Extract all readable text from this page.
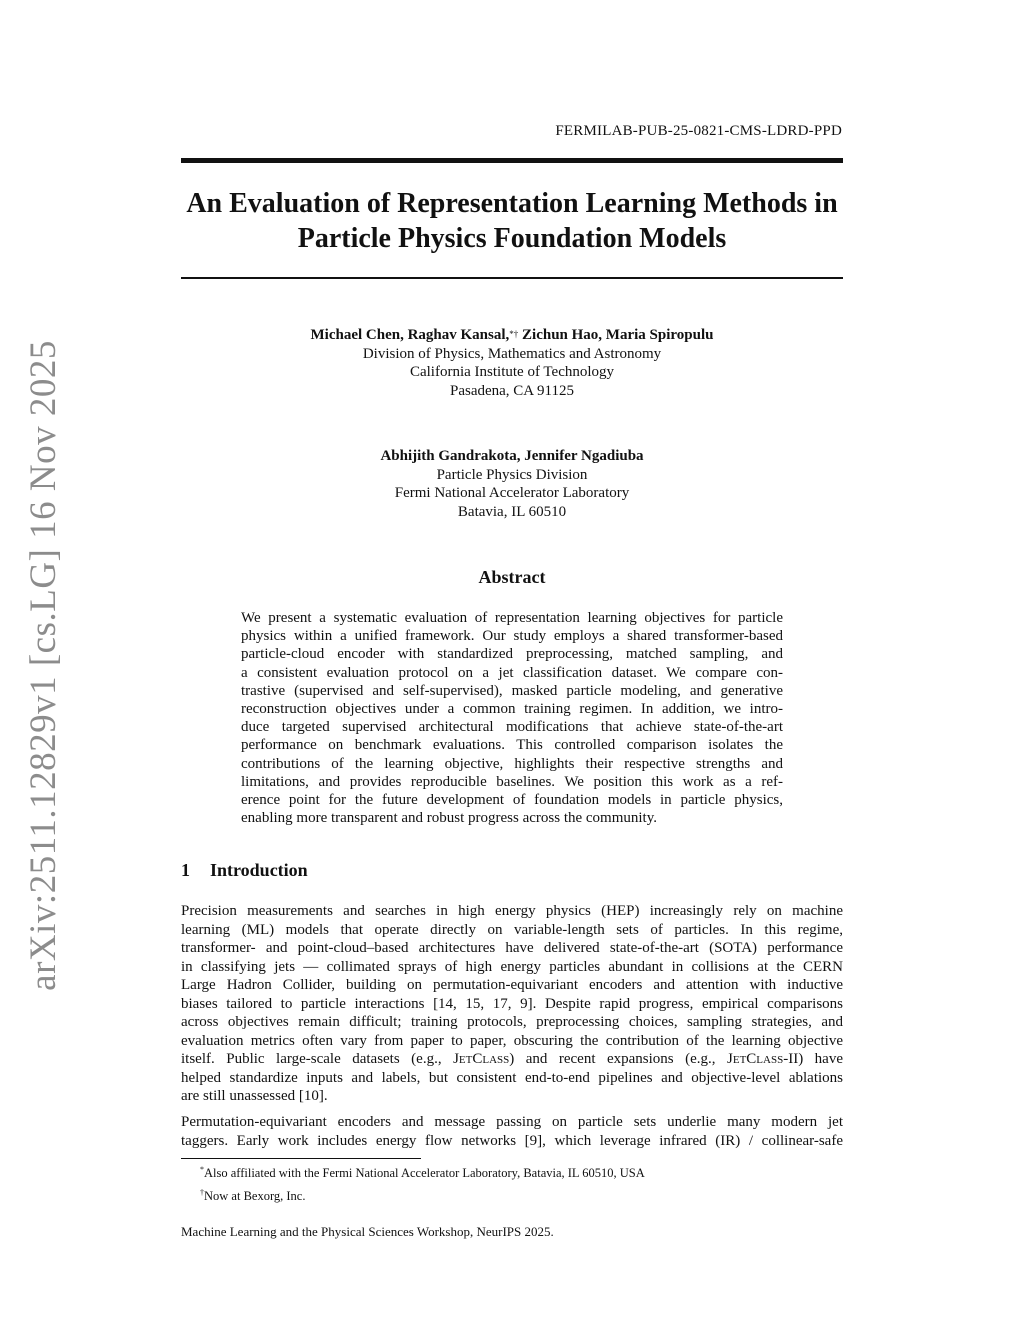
arXiv:2511.12829v1 [cs.LG] 16 Nov 2025
FERMILAB-PUB-25-0821-CMS-LDRD-PPD
An Evaluation of Representation Learning Methods in
Particle Physics Foundation Models
Michael Chen, Raghav Kansal,*† Zichun Hao, Maria Spiropulu
Division of Physics, Mathematics and Astronomy
California Institute of Technology
Pasadena, CA 91125
Abhijith Gandrakota, Jennifer Ngadiuba
Particle Physics Division
Fermi National Accelerator Laboratory
Batavia, IL 60510
Abstract
We present a systematic evaluation of representation learning objectives for particle
physics within a unified framework. Our study employs a shared transformer-based
particle-cloud encoder with standardized preprocessing, matched sampling, and
a consistent evaluation protocol on a jet classification dataset. We compare con-
trastive (supervised and self-supervised), masked particle modeling, and generative
reconstruction objectives under a common training regimen. In addition, we intro-
duce targeted supervised architectural modifications that achieve state-of-the-art
performance on benchmark evaluations. This controlled comparison isolates the
contributions of the learning objective, highlights their respective strengths and
limitations, and provides reproducible baselines. We position this work as a ref-
erence point for the future development of foundation models in particle physics,
enabling more transparent and robust progress across the community.
1 Introduction
Precision measurements and searches in high energy physics (HEP) increasingly rely on machine
learning (ML) models that operate directly on variable-length sets of particles. In this regime,
transformer- and point-cloud–based architectures have delivered state-of-the-art (SOTA) performance
in classifying jets — collimated sprays of high energy particles abundant in collisions at the CERN
Large Hadron Collider, building on permutation-equivariant encoders and attention with inductive
biases tailored to particle interactions [14, 15, 17, 9]. Despite rapid progress, empirical comparisons
across objectives remain difficult; training protocols, preprocessing choices, sampling strategies, and
evaluation metrics often vary from paper to paper, obscuring the contribution of the learning objective
itself. Public large-scale datasets (e.g., JetClass) and recent expansions (e.g., JetClass-II) have
helped standardize inputs and labels, but consistent end-to-end pipelines and objective-level ablations
are still unassessed [10].
Permutation-equivariant encoders and message passing on particle sets underlie many modern jet
taggers. Early work includes energy flow networks [9], which leverage infrared (IR) / collinear-safe
*Also affiliated with the Fermi National Accelerator Laboratory, Batavia, IL 60510, USA
†Now at Bexorg, Inc.
Machine Learning and the Physical Sciences Workshop, NeurIPS 2025.
